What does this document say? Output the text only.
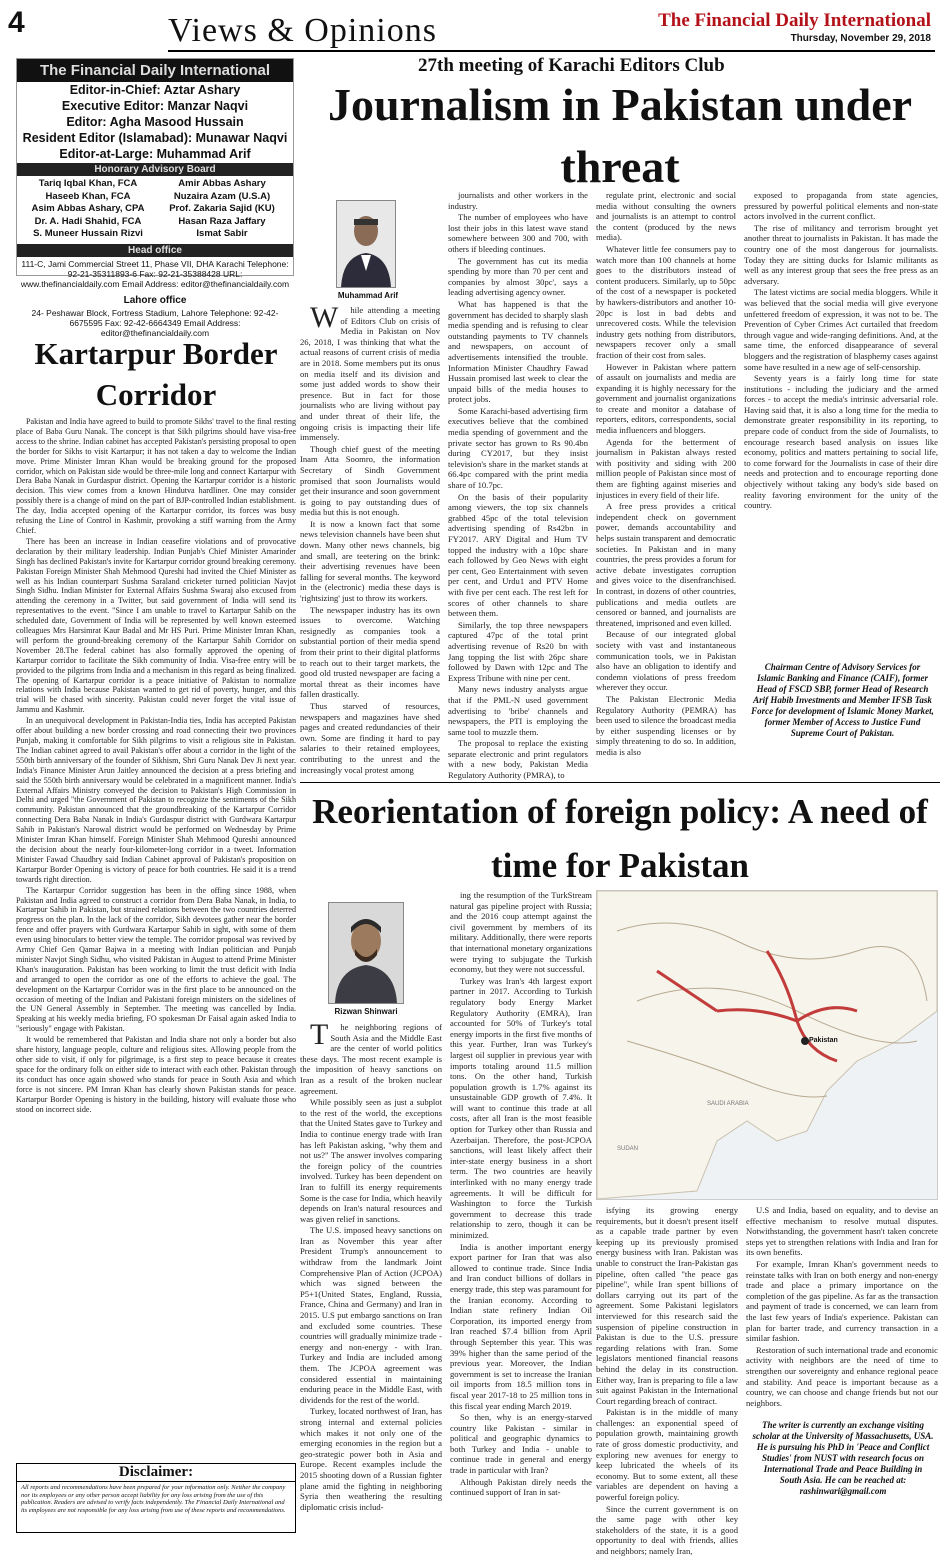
4	Views & Opinions	The Financial Daily International
Thursday, November 29, 2018
The Financial Daily International
Editor-in-Chief: Aztar Ashary
Executive Editor: Manzar Naqvi
Editor: Agha Masood Hussain
Resident Editor (Islamabad): Munawar Naqvi
Editor-at-Large: Muhammad Arif
Honorary Advisory Board
Tariq Iqbal Khan, FCA	Amir Abbas Ashary
Haseeb Khan, FCA	Nuzaira Azam (U.S.A)
Asim Abbas Ashary, CPA	Prof. Zakaria Sajid (KU)
Dr. A. Hadi Shahid, FCA	Hasan Raza Jaffary
S. Muneer Hussain Rizvi	Ismat Sabir
Head office
111-C, Jami Commercial Street 11, Phase VII, DHA Karachi Telephone: 92-21-35311893-6 Fax: 92-21-35388428 URL: www.thefinancialdaily.com Email Address: editor@thefinancialdaily.com
Lahore office
24- Peshawar Block, Fortress Stadium, Lahore Telephone: 92-42-6675595 Fax: 92-42-6664349 Email Address: editor@thefinancialdaily.com
Kartarpur Border Corridor

Pakistan and India have agreed to build to promote Sikhs' travel to the final resting place of Baba Guru Nanak. The concept is that Sikh pilgrims should have visa-free access to the shrine. Indian cabinet has accepted Pakistan's persisting proposal to open the border for Sikhs to visit Kartarpur; it has not taken a day to welcome the Indian move. Prime Minister Imran Khan would be breaking ground for the proposed corridor, which on Pakistan side would be three-mile long and connect Kartarpur with Dera Baba Nanak in Gurdaspur district. Opening the Kartarpur corridor is a historic decision. This view comes from a known Hindutva hardliner. One may consider possibly there is a change of mind on the part of BJP-controlled Indian establishment. The day, India accepted opening of the Kartarpur corridor, its forces was busy refusing the Line of Control in Kashmir, provoking a stiff warning from the Army Chief.

There has been an increase in Indian ceasefire violations and of provocative declaration by their military leadership. Indian Punjab's Chief Minister Amarinder Singh has declined Pakistan's invite for Kartarpur corridor ground breaking ceremony. Pakistan Foreign Minister Shah Mehmood Qureshi had invited the Chief Minister as well as his Indian counterpart Sushma Saraland cricketer turned politician Navjot Singh Sidhu. Indian Minister for External Affairs Sushma Swaraj also excused from attending the ceremony in a Twitter, but said government of India will send its representatives to the event. "Since I am unable to travel to Kartarpur Sahib on the scheduled date, Government of India will be represented by well known esteemed colleagues Mrs Harsimrat Kaur Badal and Mr HS Puri. Prime Minister Imran Khan, will perform the ground-breaking ceremony of the Kartarpur Sahib Corridor on November 28.The federal cabinet has also formally approved the opening of Kartarpur corridor to facilitate the Sikh community of India. Visa-free entry will be provided to the pilgrims from India and a mechanism in this regard as being finalized. The opening of Kartarpur corridor is a peace initiative of Pakistan to normalize relations with India because Pakistan wanted to get rid of poverty, hunger, and this trial will be chased with sincerity. Pakistan could never forget the vital issue of Jammu and Kashmir.

In an unequivocal development in Pakistan-India ties, India has accepted Pakistan offer about building a new border crossing and road connecting their two provinces Punjab, making it comfortable for Sikh pilgrims to visit a religious site in Pakistan. The Indian cabinet agreed to avail Pakistan's offer about a corridor in the light of the 550th birth anniversary of the founder of Sikhism, Shri Guru Nanak Dev Ji next year. India's Finance Minister Arun Jaitley announced the decision at a press briefing and said the 550th birth anniversary would be celebrated in a magnificent manner. India's External Affairs Ministry conveyed the decision to Pakistan's High Commission in Delhi and urged "the Government of Pakistan to recognize the sentiments of the Sikh community. Pakistan announced that the groundbreaking of the Kartarpur Corridor connecting Dera Baba Nanak in India's Gurdaspur district with Gurdwara Kartarpur Sahib in Pakistan's Narowal district would be performed on Wednesday by Prime Minister Imran Khan himself. Foreign Minister Shah Mehmood Qureshi announced the decision about the nearly four-kilometer-long corridor in a tweet. Information Minister Fawad Chaudhry said Indian Cabinet approval of Pakistan's proposition on Kartarpur Border Opening is victory of peace for both countries. He said it is a trend towards right direction.

The Kartarpur Corridor suggestion has been in the offing since 1988, when Pakistan and India agreed to construct a corridor from Dera Baba Nanak, in India, to Kartarpur Sahib in Pakistan, but strained relations between the two countries deterred progress on the plan. In the lack of the corridor, Sikh devotees gather near the border fence and offer prayers with Gurdwara Kartarpur Sahib in sight, with some of them even using binoculars to better view the temple. The corridor proposal was revived by Army Chief Gen Qamar Bajwa in a meeting with Indian politician and Punjab minister Navjot Singh Sidhu, who visited Pakistan in August to attend Prime Minister Khan's inauguration. Pakistan has been working to limit the trust deficit with India and arranged to open the corridor as one of the efforts to achieve the goal. The development on the Kartarpur Corridor was in the first place to be announced on the occasion of meeting of the Indian and Pakistani foreign ministers on the sidelines of the UN General Assembly in September. The meeting was cancelled by India. Speaking at his weekly media briefing, FO spokesman Dr Faisal again asked India to "seriously" engage with Pakistan.

It would be remembered that Pakistan and India share not only a border but also share history, language people, culture and religious sites. Allowing people from the other side to visit, if only for pilgrimage, is a first step to peace because it creates space for the ordinary folk on either side to interact with each other. Pakistan through its conduct has once again showed who stands for peace in South Asia and which force is not sincere. PM Imran Khan has clearly shown Pakistan stands for peace. Kartarpur Border Opening is history in the building, history will evaluate those who stood on incorrect side.

Disclaimer:
All reports and recommendations have been prepared for your information only. Neither the company nor its employees or any other person accept liability for any loss arising from the use of this publication. Readers are advised to verify facts independently. The Financial Daily International and its employees are not responsible for any loss arising from use of these reports and recommendations.
27th meeting of Karachi Editors Club
Journalism in Pakistan under threat
Muhammad Arif

While attending a meeting of Editors Club on crisis of Media in Pakistan on Nov 26, 2018, I was thinking that what the actual reasons of current crisis of media are in 2018. Some members put its onus on media itself and its division and some just added words to show their presence. But in fact for those journalists who are living without pay and under threat of their life, the ongoing crisis is impacting their life immensely.

Though chief guest of the meeting Inam Atta Soomro, the information Secretary of Sindh Government promised that soon Journalists would get their insurance and soon government is going to pay outstanding dues of media but this is not enough.

It is now a known fact that some news television channels have been shut down. Many other news channels, big and small, are teetering on the brink: their advertising revenues have been falling for several months. The keyword in the (electronic) media these days is 'rightsizing' just to throw its workers.

The newspaper industry has its own issues to overcome. Watching resignedly as companies took a substantial portion of their media spend from their print to their digital platforms to reach out to their target markets, the good old trusted newspaper are facing a mortal threat as their incomes have fallen drastically.

Thus starved of resources, newspapers and magazines have shed pages and created redundancies of their own. Some are finding it hard to pay salaries to their retained employees, contributing to the unrest and the increasingly vocal protest among

journalists and other workers in the industry.

The number of employees who have lost their jobs in this latest wave stand somewhere between 300 and 700, with others if bleeding continues.

The government has cut its media spending by more than 70 per cent and companies by almost 30pc', says a leading advertising agency owner.

What has happened is that the government has decided to sharply slash media spending and is refusing to clear outstanding payments to TV channels and newspapers, on account of advertisements intensified the trouble. Information Minister Chaudhry Fawad Hussain promised last week to clear the unpaid bills of the media houses to protect jobs.

Some Karachi-based advertising firm executives believe that the combined media spending of government and the private sector has grown to Rs 90.4bn during CY2017, but they insist television's share in the market stands at 66.4pc compared with the print media share of 10.7pc.

On the basis of their popularity among viewers, the top six channels grabbed 45pc of the total television advertising spending of Rs42bn in FY2017. ARY Digital and Hum TV topped the industry with a 10pc share each followed by Geo News with eight per cent, Geo Entertainment with seven per cent, and Urdu1 and PTV Home with five per cent each. The rest left for scores of other channels to share between them.

Similarly, the top three newspapers captured 47pc of the total print advertising revenue of Rs20 bn with Jang topping the list with 26pc share followed by Dawn with 12pc and The Express Tribune with nine per cent.

Many news industry analysts argue that if the PML-N used government advertising to 'bribe' channels and newspapers, the PTI is employing the same tool to muzzle them.

The proposal to replace the existing separate electronic and print regulators with a new body, Pakistan Media Regulatory Authority (PMRA), to

regulate print, electronic and social media without consulting the owners and journalists is an attempt to control the content (produced by the news media).

Whatever little fee consumers pay to watch more than 100 channels at home goes to the distributors instead of content producers. Similarly, up to 50pc of the cost of a newspaper is pocketed by hawkers-distributors and another 10-20pc is lost in bad debts and unrecovered costs. While the television industry gets nothing from distributors, newspapers recover only a small fraction of their cost from sales.

However in Pakistan where pattern of assault on journalists and media are expanding it is highly necessary for the government and journalist organizations to create and monitor a database of reporters, editors, correspondents, social media influencers and bloggers.

Agenda for the betterment of journalism in Pakistan always rested with positivity and siding with 200 million people of Pakistan since most of them are fighting against miseries and injustices in every field of their life.

A free press provides a critical independent check on government power, demands accountability and helps sustain transparent and democratic societies. In Pakistan and in many countries, the press provides a forum for active debate investigates corruption and gives voice to the disenfranchised. In contrast, in dozens of other countries, publications and media outlets are censored or banned, and journalists are threatened, imprisoned and even killed.

Because of our integrated global society with vast and instantaneous communication tools, we in Pakistan also have an obligation to identify and condemn violations of press freedom wherever they occur.

The Pakistan Electronic Media Regulatory Authority (PEMRA) has been used to silence the broadcast media by either suspending licenses or by simply threatening to do so. In addition, media is also

exposed to propaganda from state agencies, pressured by powerful political elements and non-state actors involved in the current conflict.

The rise of militancy and terrorism brought yet another threat to journalists in Pakistan. It has made the country one of the most dangerous for journalists. Today they are sitting ducks for Islamic militants as well as any interest group that sees the free press as an adversary.

The latest victims are social media bloggers. While it was believed that the social media will give everyone unfettered freedom of expression, it was not to be. The Prevention of Cyber Crimes Act curtailed that freedom through vague and wide-ranging definitions. And, at the same time, the enforced disappearance of several bloggers and the registration of blasphemy cases against some have resulted in a new age of self-censorship.

Seventy years is a fairly long time for state institutions - including the judiciary and the armed forces - to accept the media's intrinsic adversarial role. Having said that, it is also a long time for the media to demonstrate greater responsibility in its reporting, to prepare code of conduct from the side of Journalists, to encourage research based analysis on issues like economy, politics and matters pertaining to social life, to come forward for the Journalists in case of their dire needs and protection and to encourage reporting done objectively without taking any body's side based on reality favoring environment for the unity of the country.

Chairman Centre of Advisory Services for Islamic Banking and Finance (CAIF), former Head of FSCD SBP, former Head of Research Arif Habib Investments and Member IFSB Task Force for development of Islamic Money Market, former Member of Access to Justice Fund Supreme Court of Pakistan.
Reorientation of foreign policy: A need of time for Pakistan
Rizwan Shinwari

The neighboring regions of South Asia and the Middle East are the center of world politics these days. The most recent example is the imposition of heavy sanctions on Iran as a result of the broken nuclear agreement.

While possibly seen as just a subplot to the rest of the world, the exceptions that the United States gave to Turkey and India to continue energy trade with Iran has left Pakistan asking, "why them and not us?" The answer involves comparing the foreign policy of the countries involved. Turkey has been dependent on Iran to fulfill its energy requirements Some is the case for India, which heavily depends on Iran's natural resources and was given relief in sanctions.

The U.S. imposed heavy sanctions on Iran as November this year after President Trump's announcement to withdraw from the landmark Joint Comprehensive Plan of Action (JCPOA) which was signed between the P5+1(United States, England, Russia, France, China and Germany) and Iran in 2015. U.S put embargo sanctions on Iran and excluded some countries. These countries will gradually minimize trade - energy and non-energy - with Iran. Turkey and India are included among them. The JCPOA agreement was considered essential in maintaining enduring peace in the Middle East, with dividends for the rest of the world.

Turkey, located northwest of Iran, has strong internal and external policies which makes it not only one of the emerging economies in the region but a geo-strategic power both in Asia and Europe. Recent examples include the 2015 shooting down of a Russian fighter plane amid the fighting in neighboring Syria then weathering the resulting diplomatic crisis includ-

ing the resumption of the TurkStream natural gas pipeline project with Russia; and the 2016 coup attempt against the civil government by members of its military. Additionally, there were reports that international monetary organizations were trying to subjugate the Turkish economy, but they were not successful.

Turkey was Iran's 4th largest export partner in 2017. According to Turkish regulatory body Energy Market Regulatory Authority (EMRA), Iran accounted for 50% of Turkey's total energy imports in the first five months of this year. Further, Iran was Turkey's largest oil supplier in previous year with imports totaling around 11.5 million tons. On the other hand, Turkish population growth is 1.7% against its unsustainable GDP growth of 7.4%. It will want to continue this trade at all costs, after all Iran is the most feasible option for Turkey other than Russia and Azerbaijan. Therefore, the post-JCPOA sanctions, will least likely affect their inter-state energy business in a short term. The two countries are heavily interlinked with no many energy trade agreements. It will be difficult for Washington to force the Turkish government to decrease this trade relationship to zero, though it can be minimized.

India is another important energy export partner for Iran that was also allowed to continue trade. Since India and Iran conduct billions of dollars in energy trade, this step was paramount for the Iranian economy. According to Indian state refinery Indian Oil Corporation, its imported energy from Iran reached $7.4 billion from April through September this year. This was 39% higher than the same period of the previous year. Moreover, the Indian government is set to increase the Iranian oil imports from 18.5 million tons in fiscal year 2017-18 to 25 million tons in this fiscal year ending March 2019.

So then, why is an energy-starved country like Pakistan - similar in political and geographic dynamics to both Turkey and India - unable to continue trade in general and energy trade in particular with Iran?

Although Pakistan direly needs the continued support of Iran in sat-

Pakistan
SAUDI ARABIA
SUDAN

isfying its growing energy requirements, but it doesn't present itself as a capable trade partner by even keeping up its previously promised energy business with Iran. Pakistan was unable to construct the Iran-Pakistan gas pipeline, often called "the peace gas pipeline", while Iran spent billions of dollars carrying out its part of the agreement. Some Pakistani legislators interviewed for this research said the suspension of pipeline construction in Pakistan is due to the U.S. pressure regarding relations with Iran. Some legislators mentioned financial reasons behind the delay in its construction. Either way, Iran is preparing to file a law suit against Pakistan in the International Court regarding breach of contract.

Pakistan is in the middle of many challenges: an exponential speed of population growth, maintaining growth rate of gross domestic productivity, and exploring new avenues for energy to keep lubricated the wheels of its economy. But to some extent, all these variables are dependent on having a powerful foreign policy.

Since the current government is on the same page with other key stakeholders of the state, it is a good opportunity to deal with friends, allies and neighbors; namely Iran,

U.S and India, based on equality, and to devise an effective mechanism to resolve mutual disputes. Notwithstanding, the government hasn't taken concrete steps yet to strengthen relations with India and Iran for its own benefits.

For example, Imran Khan's government needs to reinstate talks with Iran on both energy and non-energy trade and place a primary importance on the completion of the gas pipeline. As far as the transaction and payment of trade is concerned, we can learn from the last few years of India's experience. Pakistan can plan for barter trade, and currency transaction in a similar fashion.

Restoration of such international trade and economic activity with neighbors are the need of time to strengthen our sovereignty and enhance regional peace and stability. And peace is important because as a country, we can choose and change friends but not our neighbors.

The writer is currently an exchange visiting scholar at the University of Massachusetts, USA. He is pursuing his PhD in 'Peace and Conflict Studies' from NUST with research focus on International Trade and Peace Building in South Asia. He can be reached at: rashinwari@gmail.com
